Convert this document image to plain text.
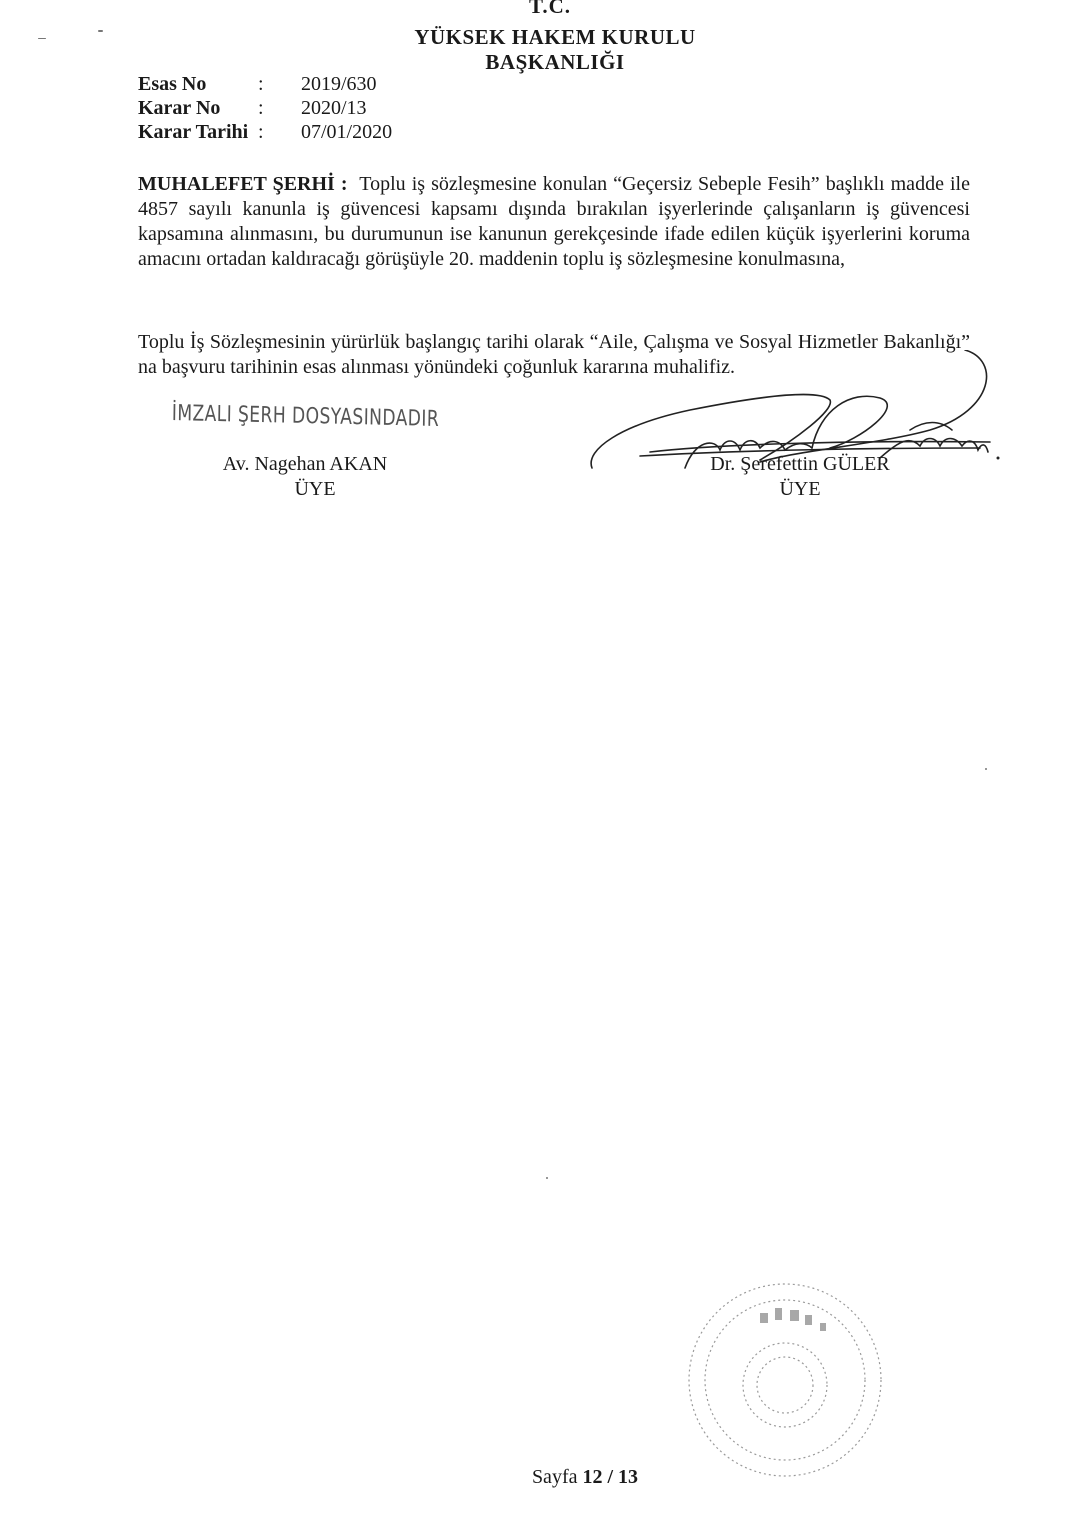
T.C.
YÜKSEK HAKEM KURULU
BAŞKANLIĞI
Esas No	: 2019/630
Karar No : 2020/13
Karar Tarihi : 07/01/2020

MUHALEFET ŞERHİ : Toplu iş sözleşmesine konulan “Geçersiz Sebeple Fesih” başlıklı madde ile 4857 sayılı kanunla iş güvencesi kapsamı dışında bırakılan işyerlerinde çalışanların iş güvencesi kapsamına alınmasını, bu durumunun ise kanunun gerekçesinde ifade edilen küçük işyerlerini koruma amacını ortadan kaldıracağı görüşüyle 20. maddenin toplu iş sözleşmesine konulmasına,

Toplu İş Sözleşmesinin yürürlük başlangıç tarihi olarak “Aile, Çalışma ve Sosyal Hizmetler Bakanlığı” na başvuru tarihinin esas alınması yönündeki çoğunluk kararına muhalifiz.

İMZALI ŞERH DOSYASINDADIR
Av. Nagehan AKAN
ÜYE
Dr. Şerefettin GÜLER
ÜYE
Sayfa 12 / 13
